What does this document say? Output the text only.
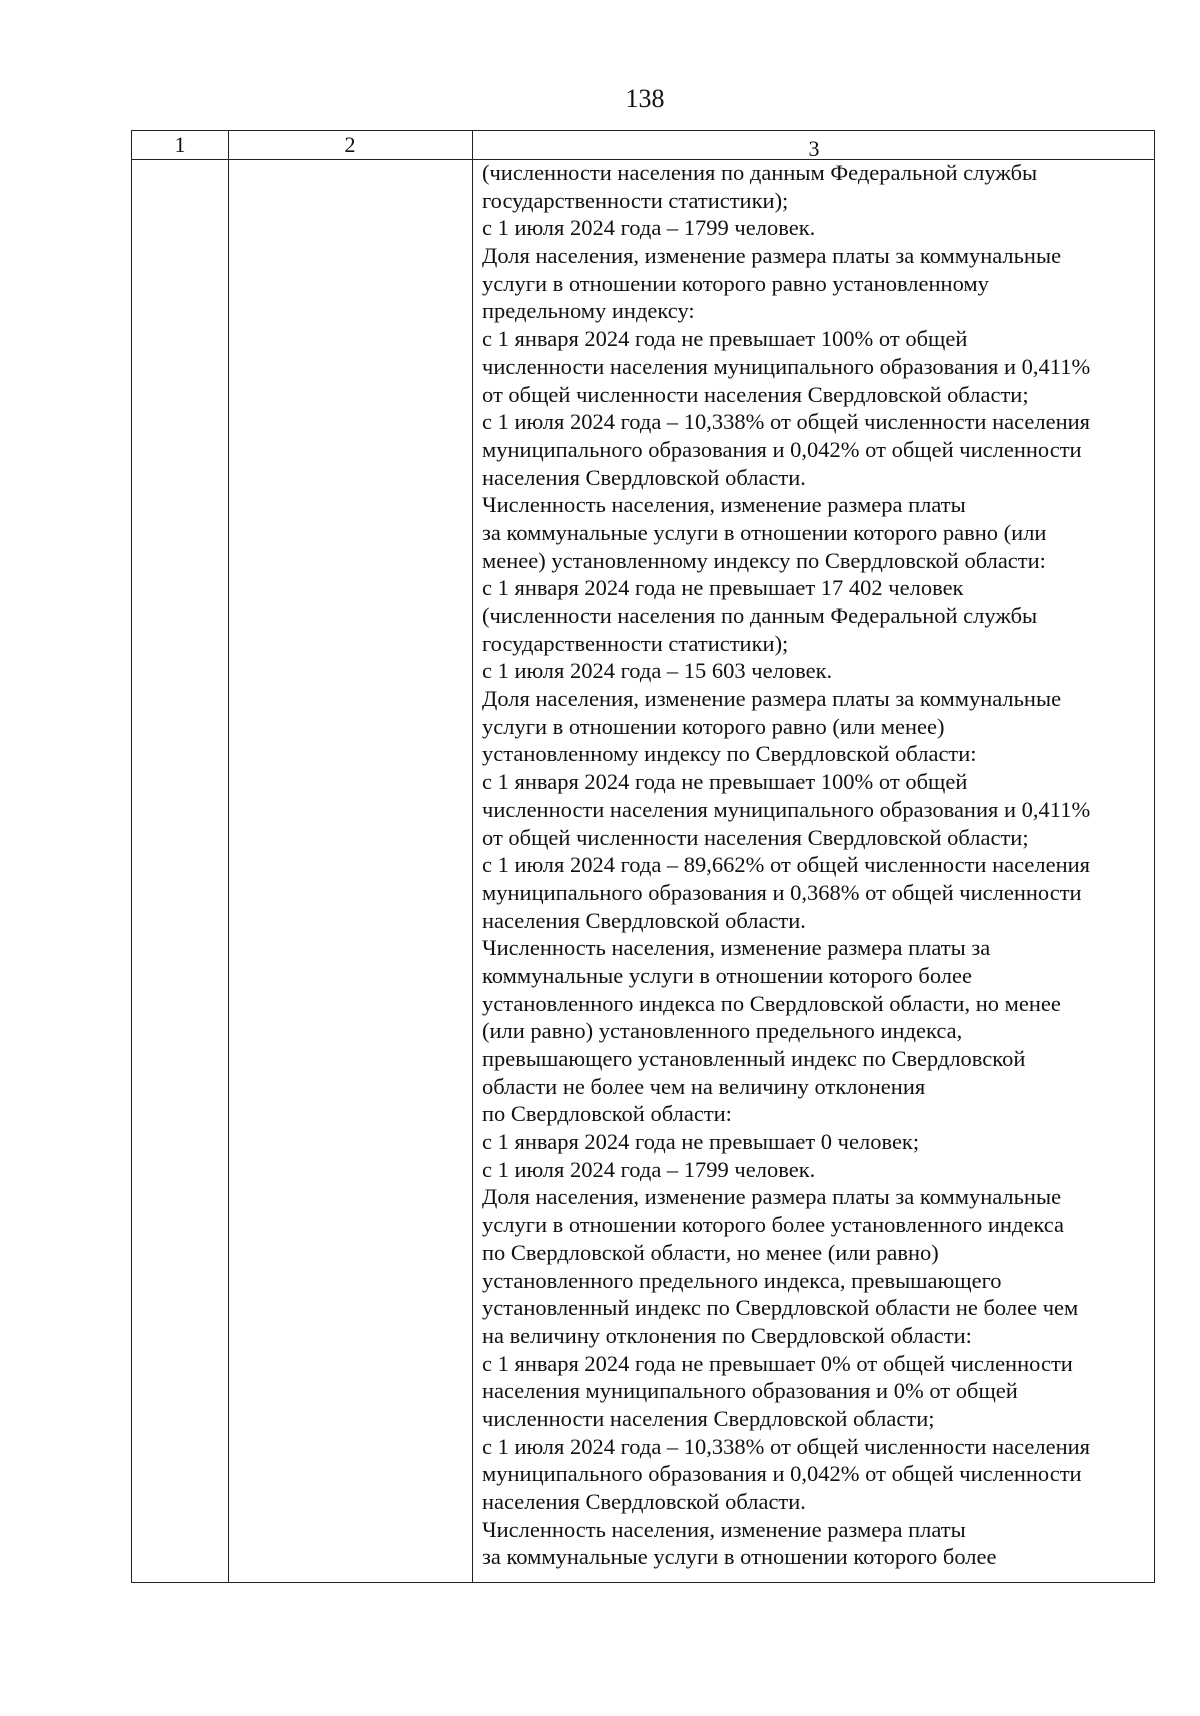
138
1	2	3
(численности населения по данным Федеральной службы
государственности статистики);
с 1 июля 2024 года – 1799 человек.
Доля населения, изменение размера платы за коммунальные
услуги в отношении которого равно установленному
предельному индексу:
с 1 января 2024 года не превышает 100% от общей
численности населения муниципального образования и 0,411%
от общей численности населения Свердловской области;
с 1 июля 2024 года – 10,338% от общей численности населения
муниципального образования и 0,042% от общей численности
населения Свердловской области.
Численность населения, изменение размера платы
за коммунальные услуги в отношении которого равно (или
менее) установленному индексу по Свердловской области:
с 1 января 2024 года не превышает 17 402 человек
(численности населения по данным Федеральной службы
государственности статистики);
с 1 июля 2024 года – 15 603 человек.
Доля населения, изменение размера платы за коммунальные
услуги в отношении которого равно (или менее)
установленному индексу по Свердловской области:
с 1 января 2024 года не превышает 100% от общей
численности населения муниципального образования и 0,411%
от общей численности населения Свердловской области;
с 1 июля 2024 года – 89,662% от общей численности населения
муниципального образования и 0,368% от общей численности
населения Свердловской области.
Численность населения, изменение размера платы за
коммунальные услуги в отношении которого более
установленного индекса по Свердловской области, но менее
(или равно) установленного предельного индекса,
превышающего установленный индекс по Свердловской
области не более чем на величину отклонения
по Свердловской области:
с 1 января 2024 года не превышает 0 человек;
с 1 июля 2024 года – 1799 человек.
Доля населения, изменение размера платы за коммунальные
услуги в отношении которого более установленного индекса
по Свердловской области, но менее (или равно)
установленного предельного индекса, превышающего
установленный индекс по Свердловской области не более чем
на величину отклонения по Свердловской области:
с 1 января 2024 года не превышает 0% от общей численности
населения муниципального образования и 0% от общей
численности населения Свердловской области;
с 1 июля 2024 года – 10,338% от общей численности населения
муниципального образования и 0,042% от общей численности
населения Свердловской области.
Численность населения, изменение размера платы
за коммунальные услуги в отношении которого более
